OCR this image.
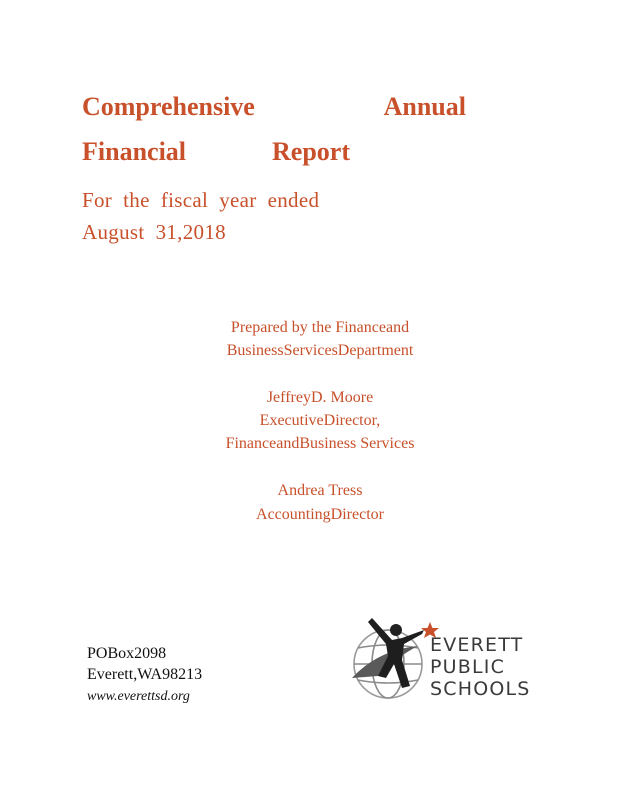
Comprehensive	Annual
Financial	Report
For  the  fiscal  year  ended
August  31,2018
Prepared by the Financeand
BusinessServicesDepartment
JeffreyD. Moore
ExecutiveDirector,
FinanceandBusiness Services
Andrea Tress
AccountingDirector
POBox2098
Everett,WA98213
www.everettsd.org
EVERETT
PUBLIC
SCHOOLS
